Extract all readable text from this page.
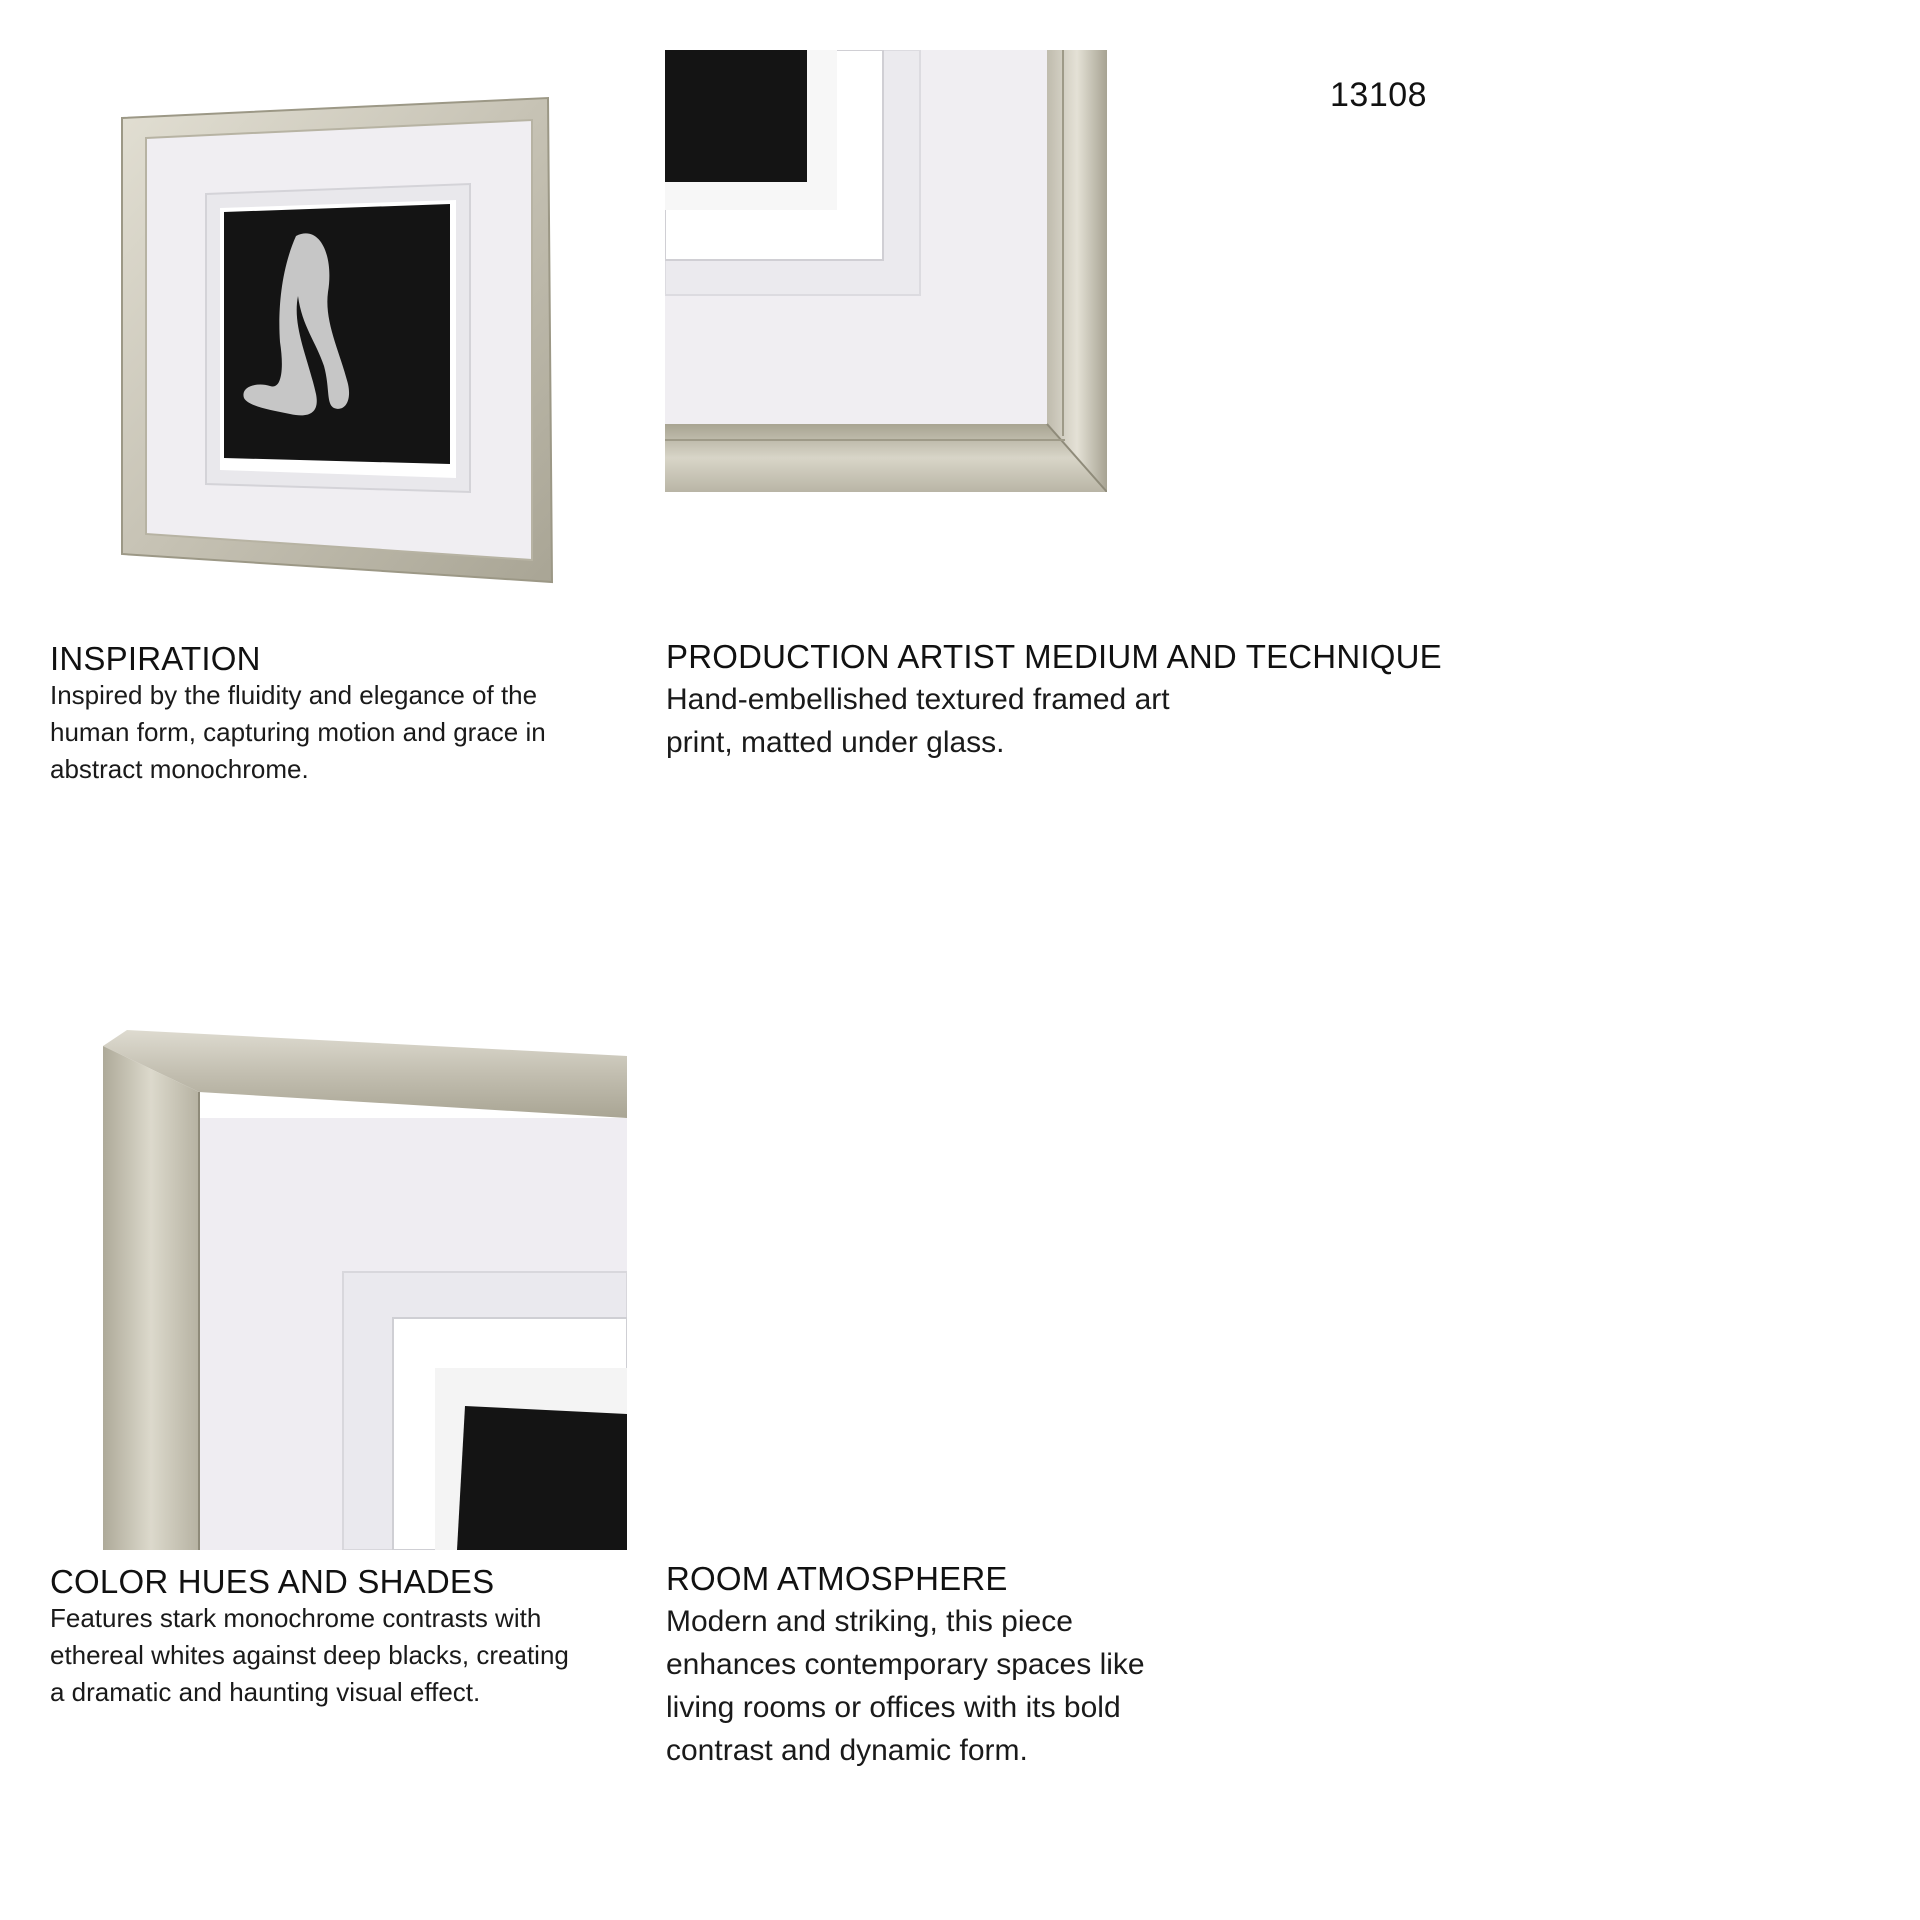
13108
INSPIRATION
Inspired by the fluidity and elegance of the
human form, capturing motion and grace in
abstract monochrome.
PRODUCTION ARTIST MEDIUM AND TECHNIQUE
Hand-embellished textured framed art
print, matted under glass.
COLOR HUES AND SHADES
Features stark monochrome contrasts with
ethereal whites against deep blacks, creating
a dramatic and haunting visual effect.
ROOM ATMOSPHERE
Modern and striking, this piece
enhances contemporary spaces like
living rooms or offices with its bold
contrast and dynamic form.
